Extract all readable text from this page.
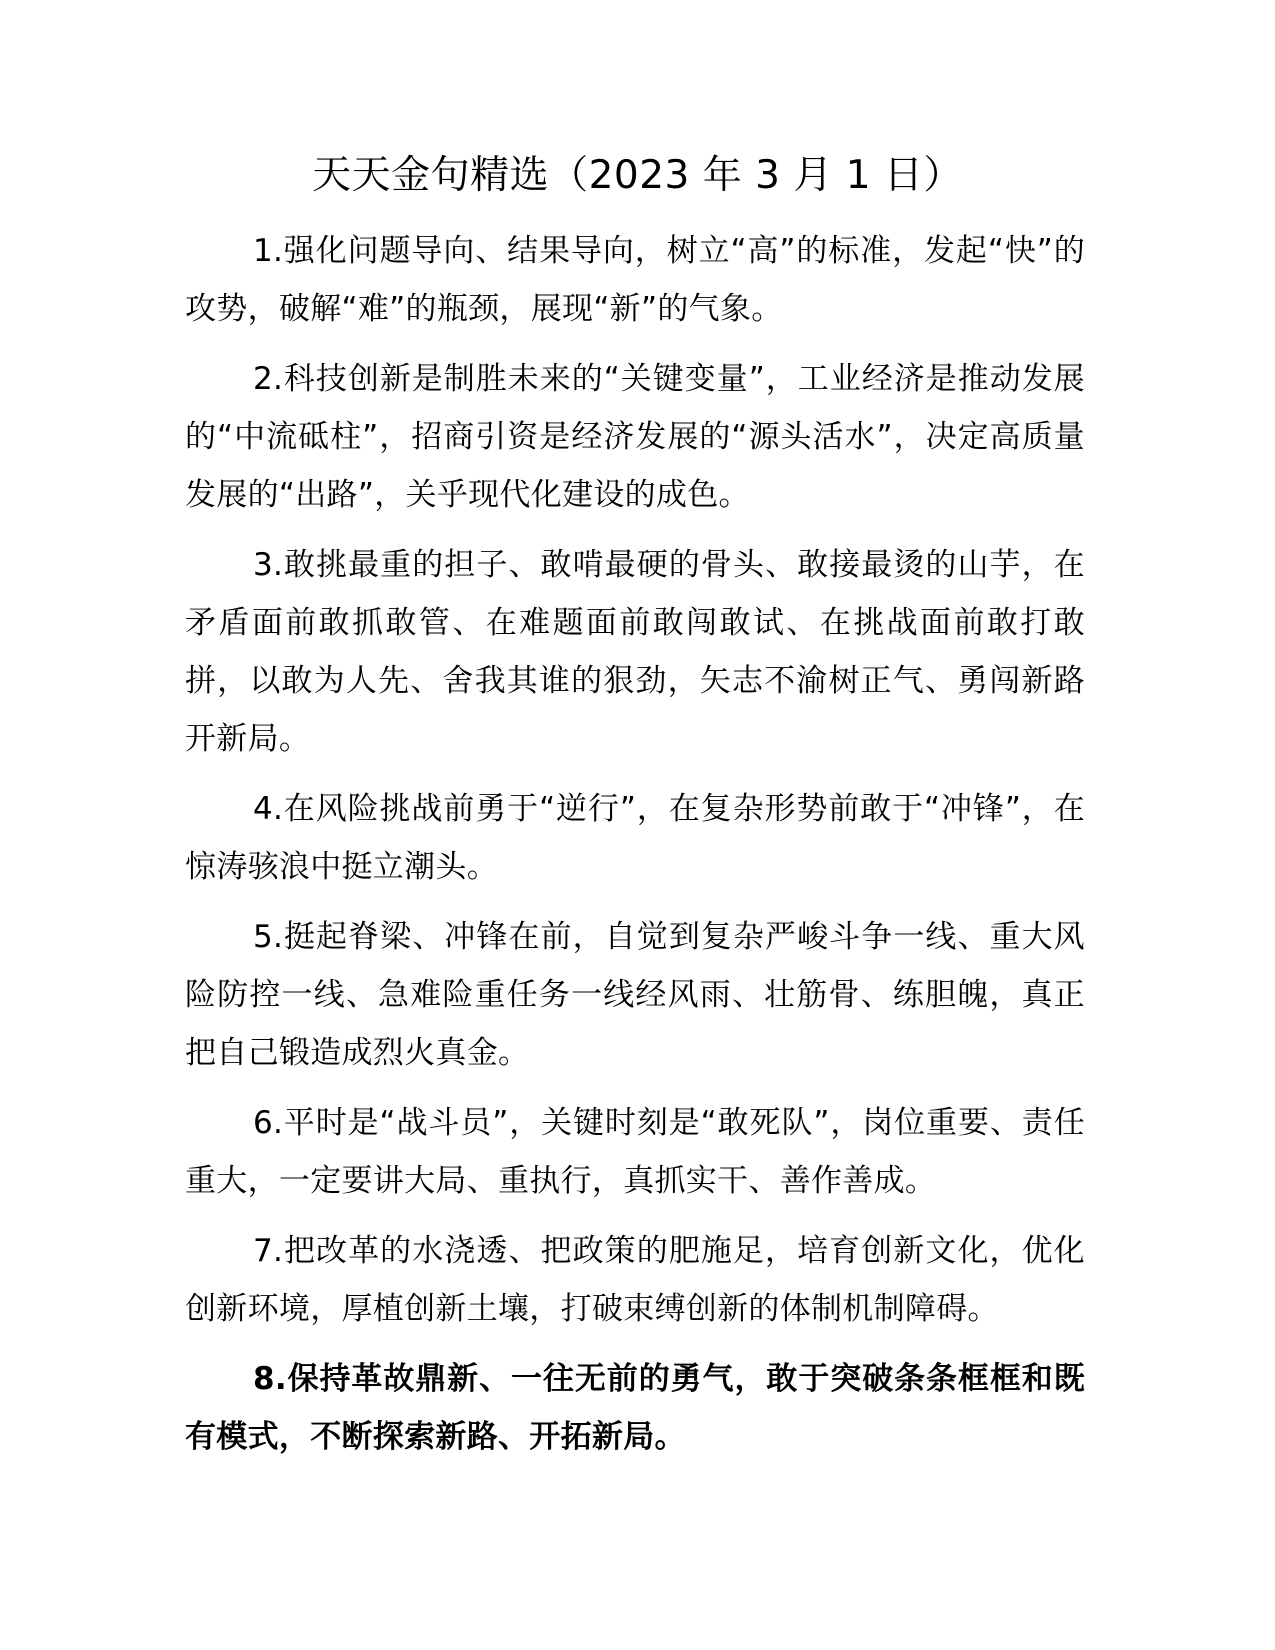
天天金句精选（2023 年 3 月 1 日）

1.强化问题导向、结果导向，树立“高”的标准，发起“快”的攻势，破解“难”的瓶颈，展现“新”的气象。

2.科技创新是制胜未来的“关键变量”，工业经济是推动发展的“中流砥柱”，招商引资是经济发展的“源头活水”，决定高质量发展的“出路”，关乎现代化建设的成色。

3.敢挑最重的担子、敢啃最硬的骨头、敢接最烫的山芋，在矛盾面前敢抓敢管、在难题面前敢闯敢试、在挑战面前敢打敢拼，以敢为人先、舍我其谁的狠劲，矢志不渝树正气、勇闯新路开新局。

4.在风险挑战前勇于“逆行”，在复杂形势前敢于“冲锋”，在惊涛骇浪中挺立潮头。

5.挺起脊梁、冲锋在前，自觉到复杂严峻斗争一线、重大风险防控一线、急难险重任务一线经风雨、壮筋骨、练胆魄，真正把自己锻造成烈火真金。

6.平时是“战斗员”，关键时刻是“敢死队”，岗位重要、责任重大，一定要讲大局、重执行，真抓实干、善作善成。

7.把改革的水浇透、把政策的肥施足，培育创新文化，优化创新环境，厚植创新土壤，打破束缚创新的体制机制障碍。

8.保持革故鼎新、一往无前的勇气，敢于突破条条框框和既有模式，不断探索新路、开拓新局。
